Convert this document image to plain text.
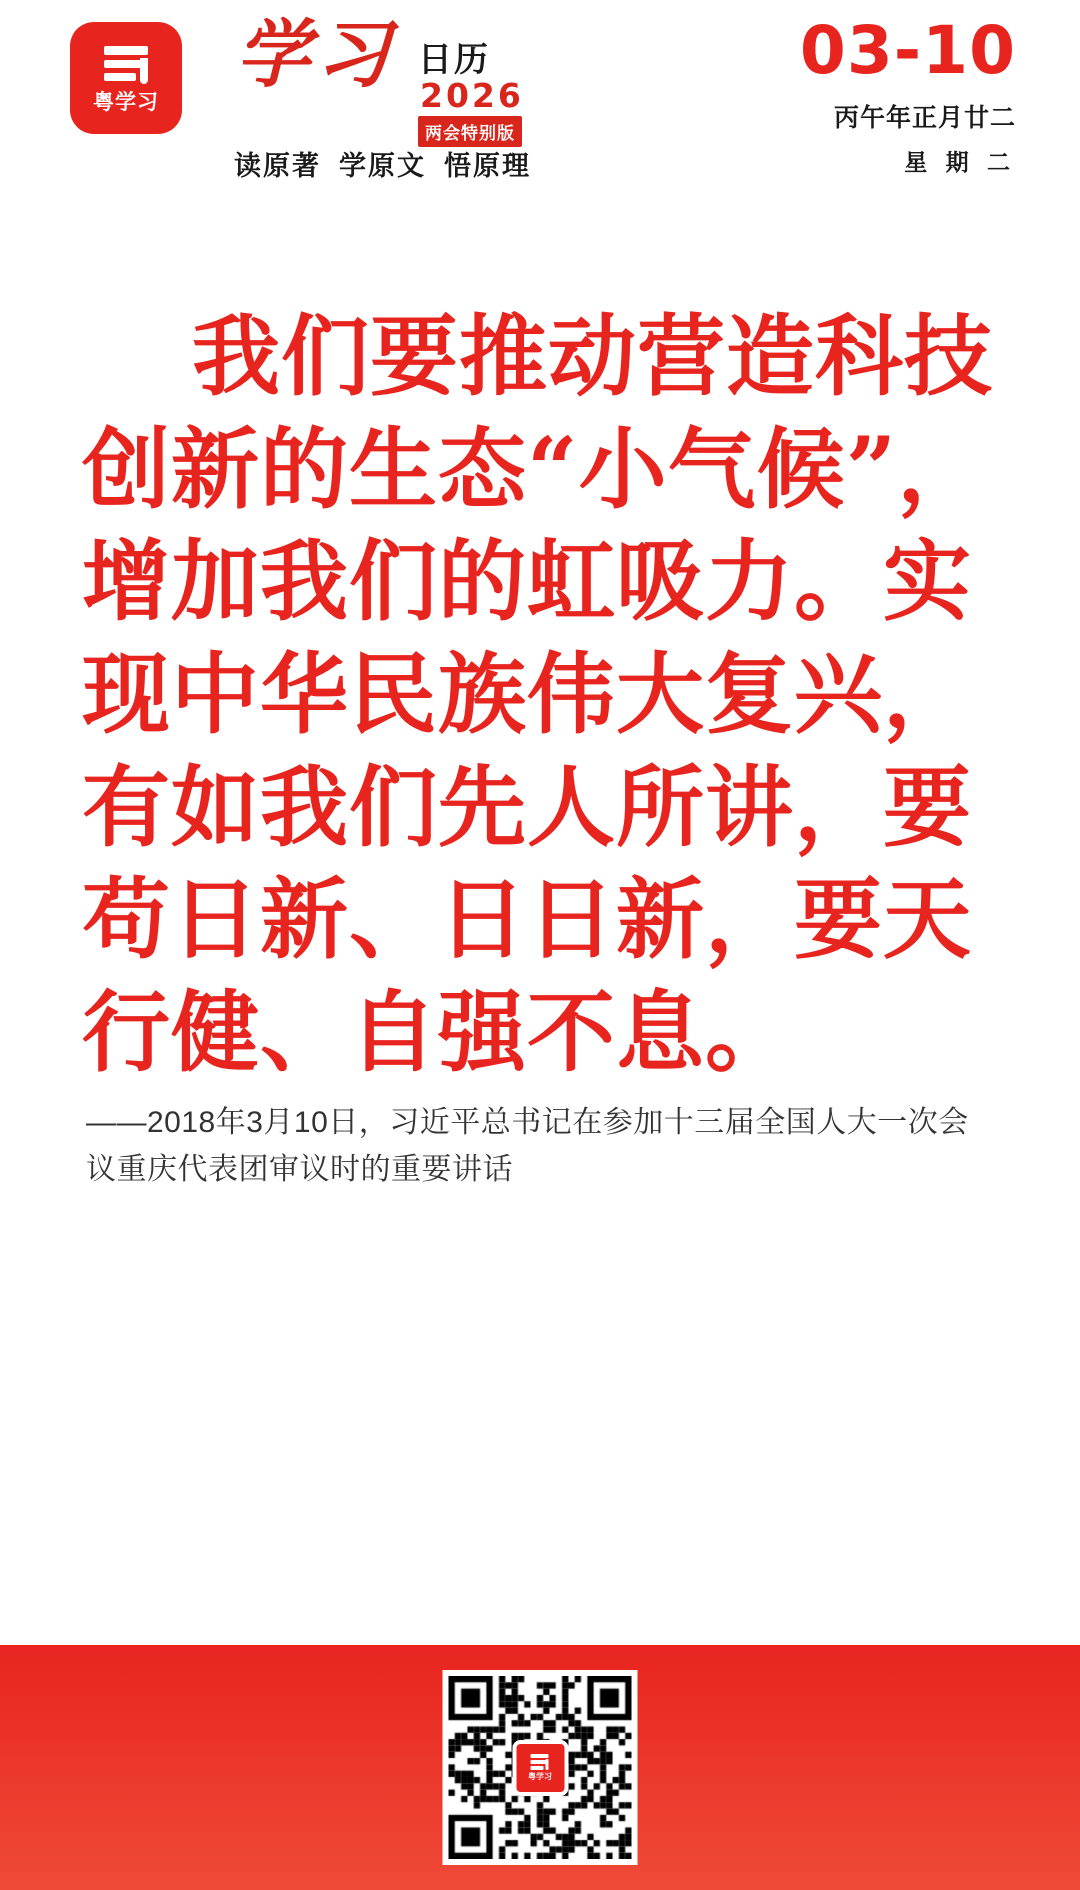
粤学习
学习 日历
2026
两会特别版
读原著 学原文 悟原理
03-10
丙午年正月廿二
星 期 二
我们要推动营造科技创新的生态“小气候”，增加我们的虹吸力。实现中华民族伟大复兴，有如我们先人所讲，要苟日新、日日新，要天行健、自强不息。
——2018年3月10日，习近平总书记在参加十三届全国人大一次会议重庆代表团审议时的重要讲话
粤学习
